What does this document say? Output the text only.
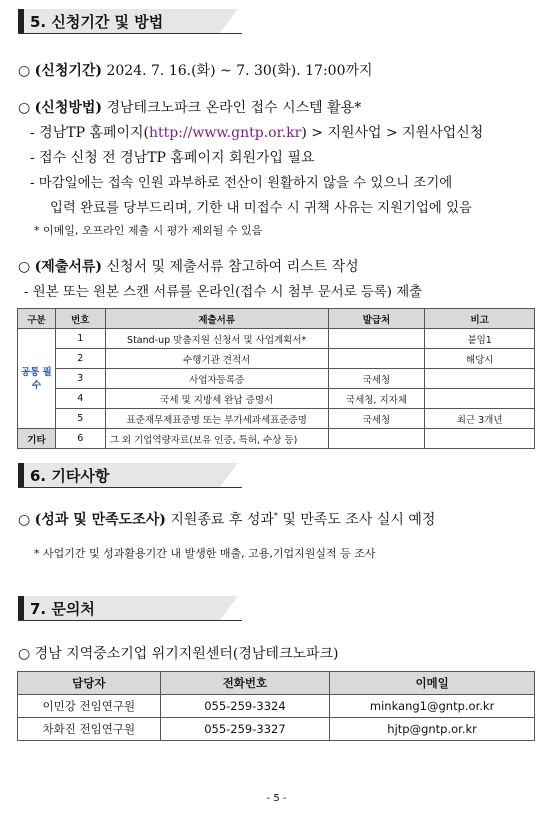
5. 신청기간 및 방법
○ (신청기간) 2024. 7. 16.(화) ~ 7. 30(화). 17:00까지
○ (신청방법) 경남테크노파크 온라인 접수 시스템 활용*
- 경남TP 홈페이지(http://www.gntp.or.kr) > 지원사업 > 지원사업신청
- 접수 신청 전 경남TP 홈페이지 회원가입 필요
- 마감일에는 접속 인원 과부하로 전산이 원활하지 않을 수 있으니 조기에
입력 완료를 당부드리며, 기한 내 미접수 시 귀책 사유는 지원기업에 있음
* 이메일, 오프라인 제출 시 평가 제외될 수 있음
○ (제출서류) 신청서 및 제출서류 참고하여 리스트 작성
- 원본 또는 원본 스캔 서류를 온라인(접수 시 첨부 문서로 등록) 제출
구분	번호	제출서류	발급처	비고
공통 필수	1	Stand-up 맞춤지원 신청서 및 사업계획서*		붙임1
	2	수행기관 견적서		해당시
	3	사업자등록증	국세청	
	4	국세 및 지방세 완납 증명서	국세청, 지자체	
	5	표준재무제표증명 또는 부가세과세표준증명	국세청	최근 3개년
기타	6	그 외 기업역량자료(보유 인증, 특허, 수상 등)		
6. 기타사항
○ (성과 및 만족도조사) 지원종료 후 성과* 및 만족도 조사 실시 예정
* 사업기간 및 성과활용기간 내 발생한 매출, 고용,기업지원실적 등 조사
7. 문의처
○ 경남 지역중소기업 위기지원센터(경남테크노파크)
담당자	전화번호	이메일
이민강 전임연구원	055-259-3324	minkang1@gntp.or.kr
차화진 전임연구원	055-259-3327	hjtp@gntp.or.kr
- 5 -
